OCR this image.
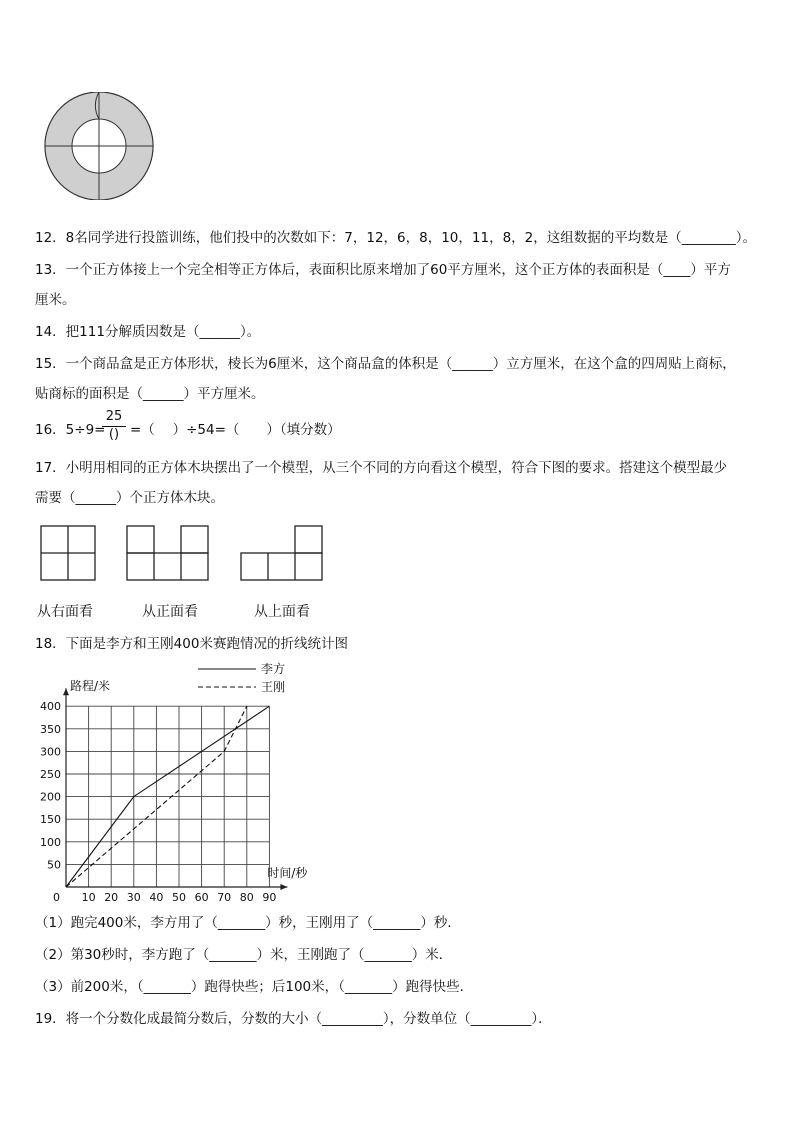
12．8名同学进行投篮训练，他们投中的次数如下：7，12，6，8，10，11，8，2，这组数据的平均数是（________）。
13．一个正方体接上一个完全相等正方体后，表面积比原来增加了60平方厘米，这个正方体的表面积是（____）平方
厘米。
14．把111分解质因数是（______）。
15．一个商品盒是正方体形状，棱长为6厘米，这个商品盒的体积是（______）立方厘米，在这个盒的四周贴上商标，
贴商标的面积是（______）平方厘米。
16．5÷9=
25
() =（　 ）÷54=（　　）（填分数）
17．小明用相同的正方体木块摆出了一个模型，从三个不同的方向看这个模型，符合下图的要求。搭建这个模型最少
需要（______）个正方体木块。
从右面看	从正面看	从上面看
18．下面是李方和王刚400米赛跑情况的折线统计图
10 20 30 40 50 60 70 80 90
50
100
150
200
250
300
350
400
0
路程/米
时间/秒
李方
王刚
（1）跑完400米，李方用了（_______）秒，王刚用了（_______）秒．
（2）第30秒时，李方跑了（_______）米，王刚跑了（_______）米．
（3）前200米，（_______）跑得快些；后100米，（_______）跑得快些．
19．将一个分数化成最简分数后，分数的大小（_________），分数单位（_________）．
